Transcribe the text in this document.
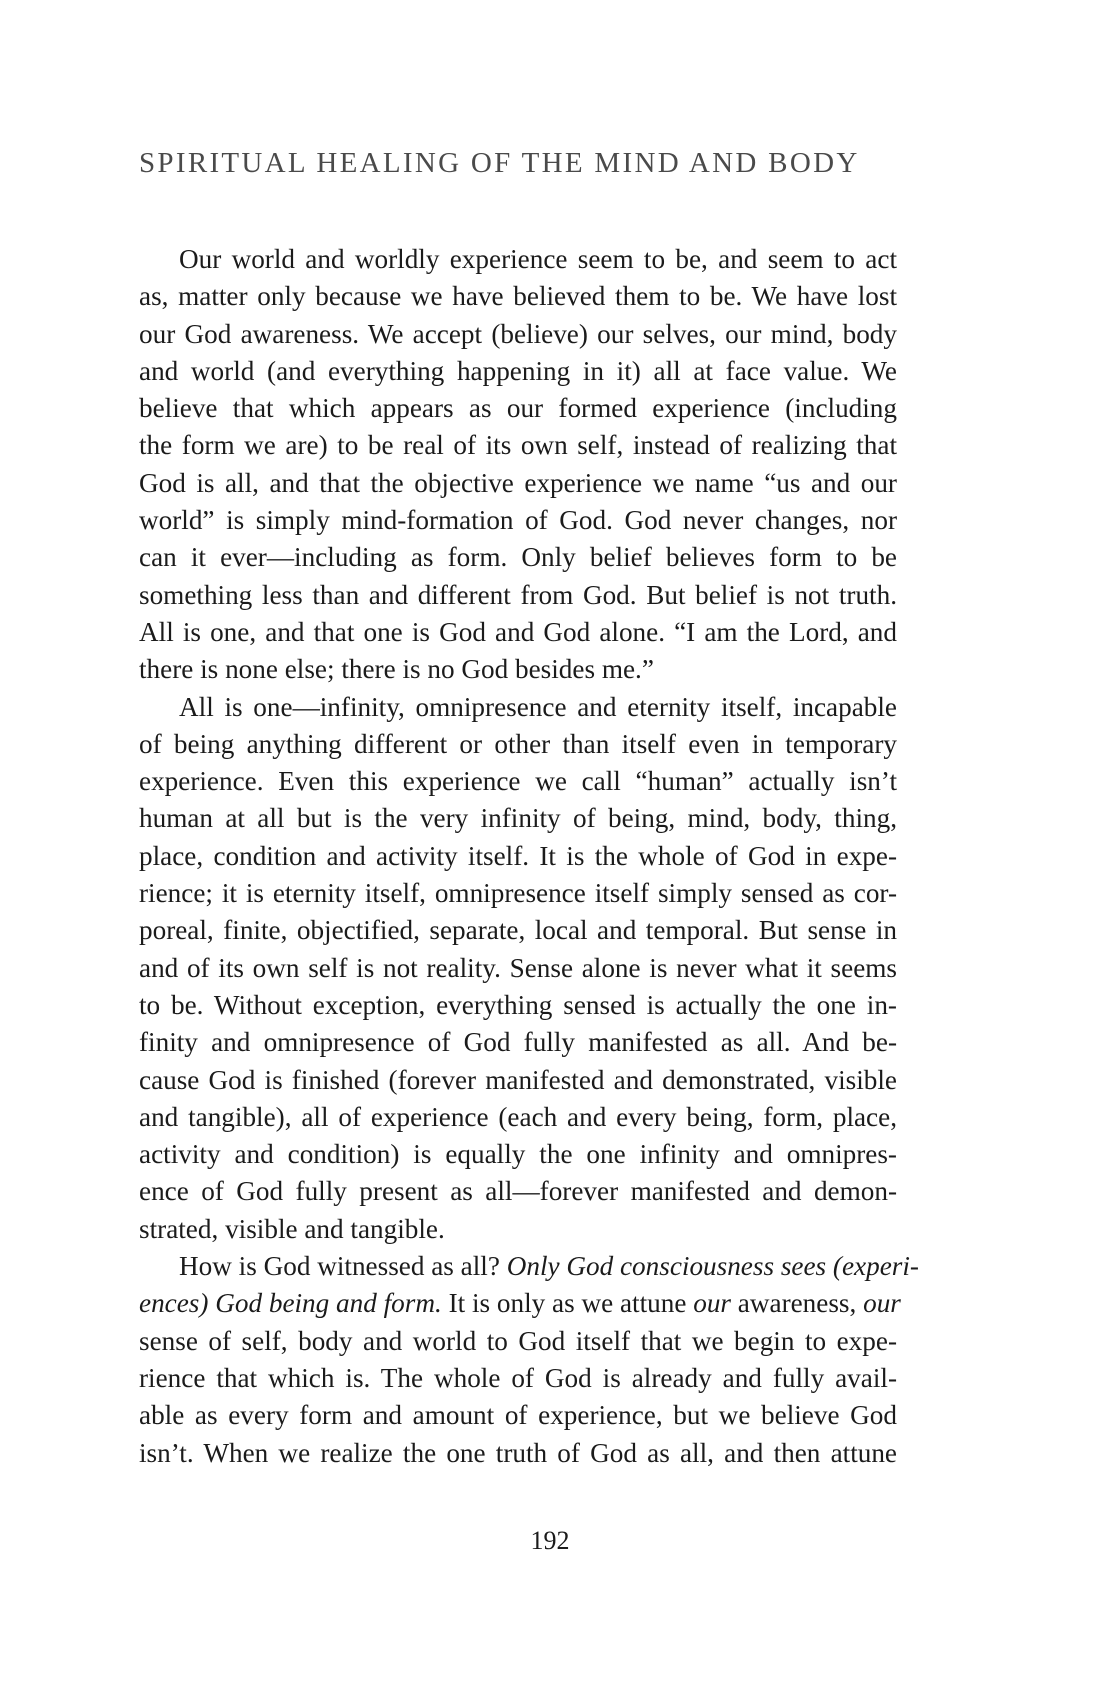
SPIRITUAL HEALING OF THE MIND AND BODY
Our world and worldly experience seem to be, and seem to act
as, matter only because we have believed them to be. We have lost
our God awareness. We accept (believe) our selves, our mind, body
and world (and everything happening in it) all at face value. We
believe that which appears as our formed experience (including
the form we are) to be real of its own self, instead of realizing that
God is all, and that the objective experience we name “us and our
world” is simply mind-formation of God. God never changes, nor
can it ever—including as form. Only belief believes form to be
something less than and different from God. But belief is not truth.
All is one, and that one is God and God alone. “I am the Lord, and
there is none else; there is no God besides me.”
All is one—infinity, omnipresence and eternity itself, incapable
of being anything different or other than itself even in temporary
experience. Even this experience we call “human” actually isn’t
human at all but is the very infinity of being, mind, body, thing,
place, condition and activity itself. It is the whole of God in expe-
rience; it is eternity itself, omnipresence itself simply sensed as cor-
poreal, finite, objectified, separate, local and temporal. But sense in
and of its own self is not reality. Sense alone is never what it seems
to be. Without exception, everything sensed is actually the one in-
finity and omnipresence of God fully manifested as all. And be-
cause God is finished (forever manifested and demonstrated, visible
and tangible), all of experience (each and every being, form, place,
activity and condition) is equally the one infinity and omnipres-
ence of God fully present as all—forever manifested and demon-
strated, visible and tangible.
How is God witnessed as all? Only God consciousness sees (experi-
ences) God being and form. It is only as we attune our awareness, our
sense of self, body and world to God itself that we begin to expe-
rience that which is. The whole of God is already and fully avail-
able as every form and amount of experience, but we believe God
isn’t. When we realize the one truth of God as all, and then attune
192
